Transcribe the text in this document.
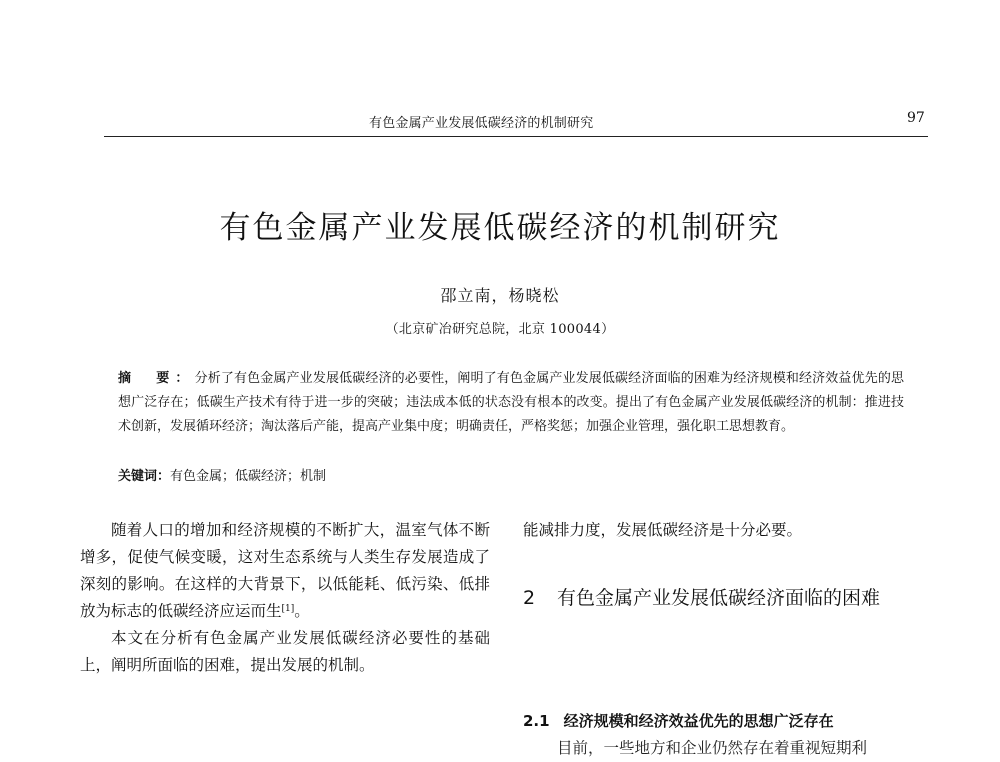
有色金属产业发展低碳经济的机制研究	97
有色金属产业发展低碳经济的机制研究
邵立南，杨晓松
（北京矿冶研究总院，北京 100044）
摘　要：分析了有色金属产业发展低碳经济的必要性，阐明了有色金属产业发展低碳经济面临的困难为经济规模和经济效益优先的思想广泛存在；低碳生产技术有待于进一步的突破；违法成本低的状态没有根本的改变。提出了有色金属产业发展低碳经济的机制：推进技术创新，发展循环经济；淘汰落后产能，提高产业集中度；明确责任，严格奖惩；加强企业管理，强化职工思想教育。
关键词：有色金属；低碳经济；机制

随着人口的增加和经济规模的不断扩大，温室气体不断增多，促使气候变暖，这对生态系统与人类生存发展造成了深刻的影响。在这样的大背景下，以低能耗、低污染、低排放为标志的低碳经济应运而生[1]。

本文在分析有色金属产业发展低碳经济必要性的基础上，阐明所面临的困难，提出发展的机制。

能减排力度，发展低碳经济是十分必要。

2 有色金属产业发展低碳经济面临的困难
2.1 经济规模和经济效益优先的思想广泛存在
目前，一些地方和企业仍然存在着重视短期利
